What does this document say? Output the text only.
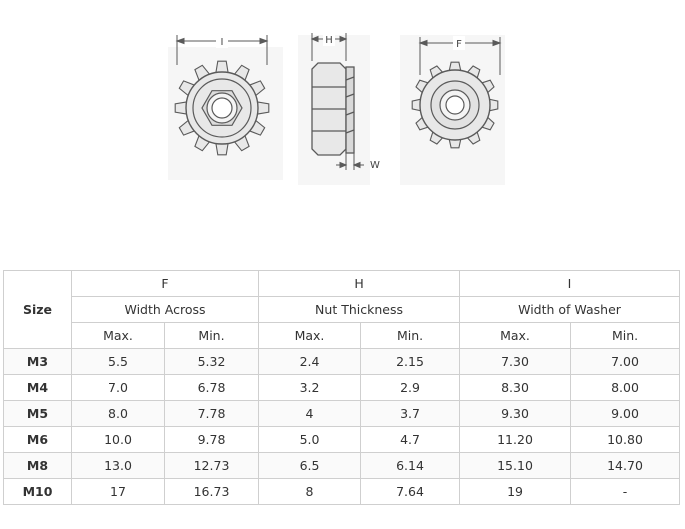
I	H	F
W
Size	F		H		I	
	Width Across		Nut Thickness		Width of Washer	
	Max.	Min.	Max.	Min.	Max.	Min.
M3	5.5	5.32	2.4	2.15	7.30	7.00
M4	7.0	6.78	3.2	2.9	8.30	8.00
M5	8.0	7.78	4	3.7	9.30	9.00
M6	10.0	9.78	5.0	4.7	11.20	10.80
M8	13.0	12.73	6.5	6.14	15.10	14.70
M10	17	16.73	8	7.64	19	-
